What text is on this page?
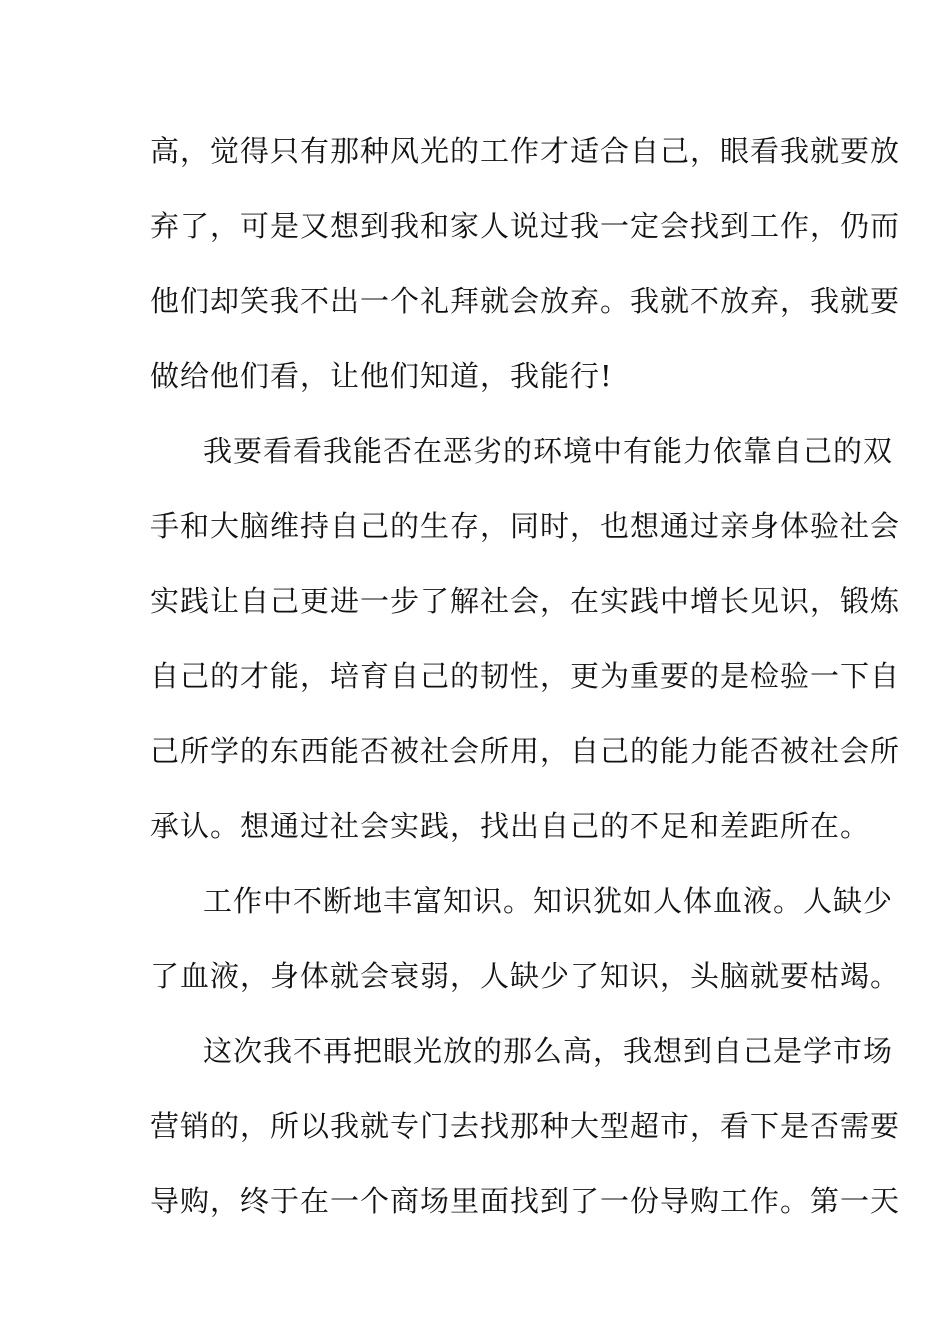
高，觉得只有那种风光的工作才适合自己，眼看我就要放
弃了，可是又想到我和家人说过我一定会找到工作，仍而
他们却笑我不出一个礼拜就会放弃。我就不放弃，我就要
做给他们看，让他们知道，我能行!
我要看看我能否在恶劣的环境中有能力依靠自己的双
手和大脑维持自己的生存，同时，也想通过亲身体验社会
实践让自己更进一步了解社会，在实践中增长见识，锻炼
自己的才能，培育自己的韧性，更为重要的是检验一下自
己所学的东西能否被社会所用，自己的能力能否被社会所
承认。想通过社会实践，找出自己的不足和差距所在。
工作中不断地丰富知识。知识犹如人体血液。人缺少
了血液，身体就会衰弱，人缺少了知识，头脑就要枯竭。
这次我不再把眼光放的那么高，我想到自己是学市场
营销的，所以我就专门去找那种大型超市，看下是否需要
导购，终于在一个商场里面找到了一份导购工作。第一天
